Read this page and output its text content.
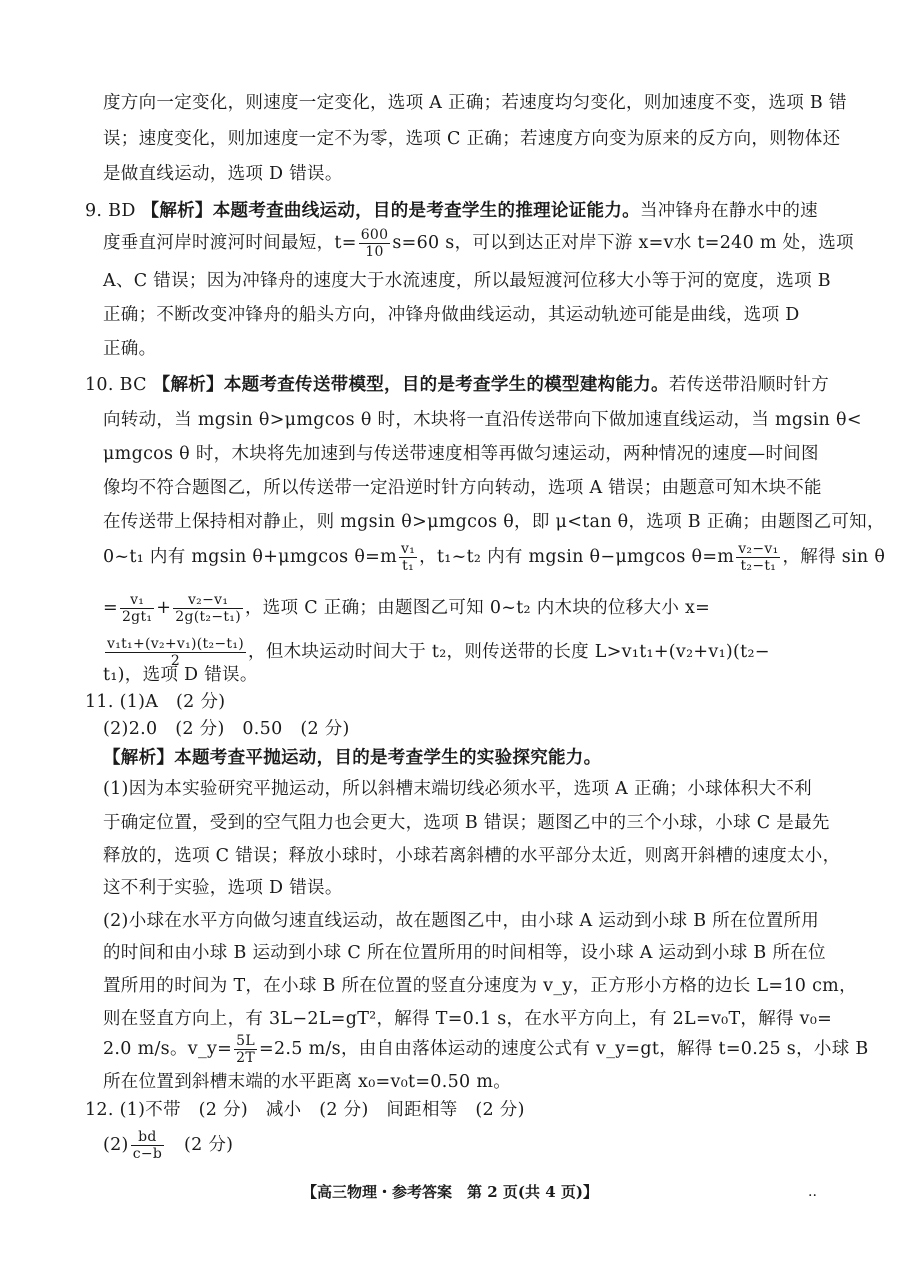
度方向一定变化，则速度一定变化，选项 A 正确；若速度均匀变化，则加速度不变，选项 B 错
误；速度变化，则加速度一定不为零，选项 C 正确；若速度方向变为原来的反方向，则物体还
是做直线运动，选项 D 错误。
9. BD 【解析】本题考查曲线运动，目的是考查学生的推理论证能力。当冲锋舟在静水中的速
度垂直河岸时渡河时间最短，$t= \frac{600}{10} s=60$ s，可以到达正对岸下游 x=v水 t=240 m 处，选项
A、C 错误；因为冲锋舟的速度大于水流速度，所以最短渡河位移大小等于河的宽度，选项 B
正确；不断改变冲锋舟的船头方向，冲锋舟做曲线运动，其运动轨迹可能是曲线，选项 D
正确。
10. BC 【解析】本题考查传送带模型，目的是考查学生的模型建构能力。若传送带沿顺时针方
向转动，当 mgsin θ>μmgcos θ 时，木块将一直沿传送带向下做加速直线运动，当 mgsin θ<
μmgcos θ 时，木块将先加速到与传送带速度相等再做匀速运动，两种情况的速度—时间图
像均不符合题图乙，所以传送带一定沿逆时针方向转动，选项 A 错误；由题意可知木块不能
在传送带上保持相对静止，则 mgsin θ>μmgcos θ，即 μ<tan θ，选项 B 正确；由题图乙可知，
0~t₁ 内有 mgsin θ+μmgcos $\theta=m \frac{\text{v₁}}{\text{t₁}}$ ，t₁~t₂ 内有 mgsin θ−μmgcos $\theta=m \frac{\text{v₂−v₁}}{\text{t₂−t₁}}$ ，解得 sin θ
= $\frac{\text{v₁}}{\text{2gt₁}} + \frac{\text{v₂−v₁}}{\text{2g(t₂−t₁)}}$ ，选项 C 正确；由题图乙可知 0~t₂ 内木块的位移大小 x=
$\frac{\text{v₁t₁+(v₂+v₁)(t₂−t₁)}}{2}$ ，但木块运动时间大于 t₂，则传送带的长度 L>v₁t₁+(v₂+v₁)(t₂−
t₁)，选项 D 错误。
11. (1)A　(2 分)
(2)2.0　(2 分)　0.50　(2 分)
【解析】本题考查平抛运动，目的是考查学生的实验探究能力。
(1)因为本实验研究平抛运动，所以斜槽末端切线必须水平，选项 A 正确；小球体积大不利
于确定位置，受到的空气阻力也会更大，选项 B 错误；题图乙中的三个小球，小球 C 是最先
释放的，选项 C 错误；释放小球时，小球若离斜槽的水平部分太近，则离开斜槽的速度太小，
这不利于实验，选项 D 错误。
(2)小球在水平方向做匀速直线运动，故在题图乙中，由小球 A 运动到小球 B 所在位置所用
的时间和由小球 B 运动到小球 C 所在位置所用的时间相等，设小球 A 运动到小球 B 所在位
置所用的时间为 T，在小球 B 所在位置的竖直分速度为 v_y，正方形小方格的边长 L=10 cm，
则在竖直方向上，有 3L−2L=gT²，解得 T=0.1 s，在水平方向上，有 2L=v₀T，解得 v₀=
2.0 m/s。v_y= $\frac{5L}{2T} =2.5$ m/s，由自由落体运动的速度公式有 v_y=gt，解得 t=0.25 s，小球 B
所在位置到斜槽末端的水平距离 x₀=v₀t=0.50 m。
12. (1)不带　(2 分)　减小　(2 分)　间距相等　(2 分)
$(2) \frac{bd}{c-b}$ 　(2 分)
【高三物理・参考答案　第 2 页(共 4 页)】	..
